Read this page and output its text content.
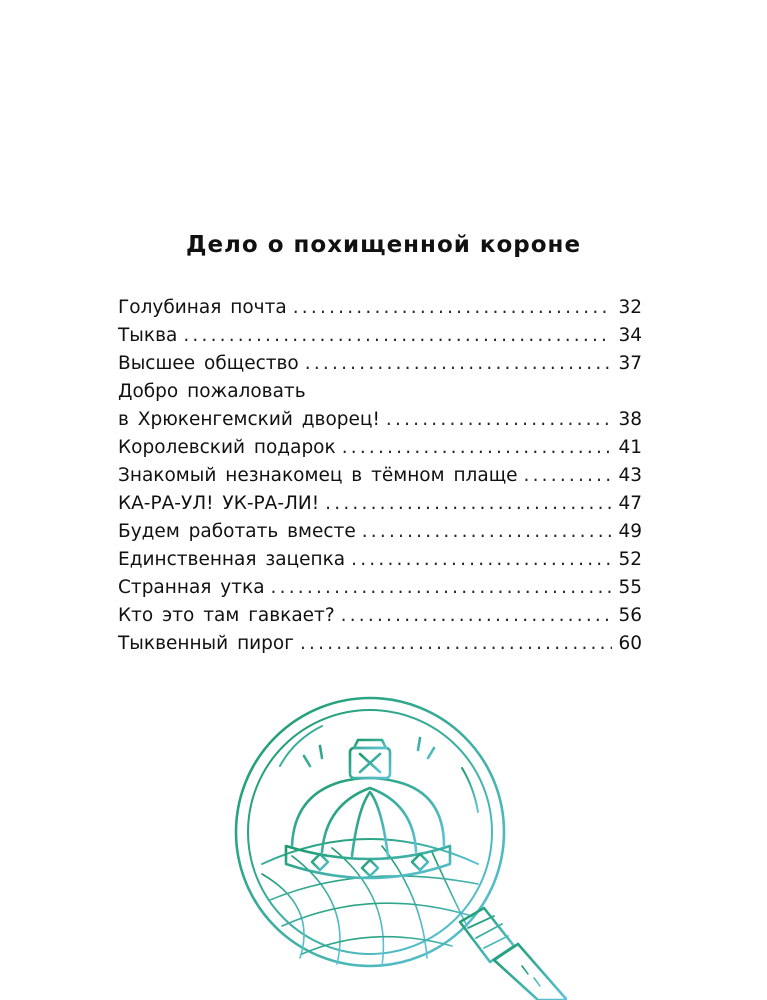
Дело о похищенной короне
Голубиная почта .....	32
Тыква .....	34
Высшее общество .....	37
Добро пожаловать
в Хрюкенгемский дворец! .....	38
Королевский подарок .....	41
Знакомый незнакомец в тёмном плаще .....	43
КА-РА-УЛ! УК-РА-ЛИ! .....	47
Будем работать вместе .....	49
Единственная зацепка .....	52
Странная утка .....	55
Кто это там гавкает? .....	56
Тыквенный пирог .....	60
